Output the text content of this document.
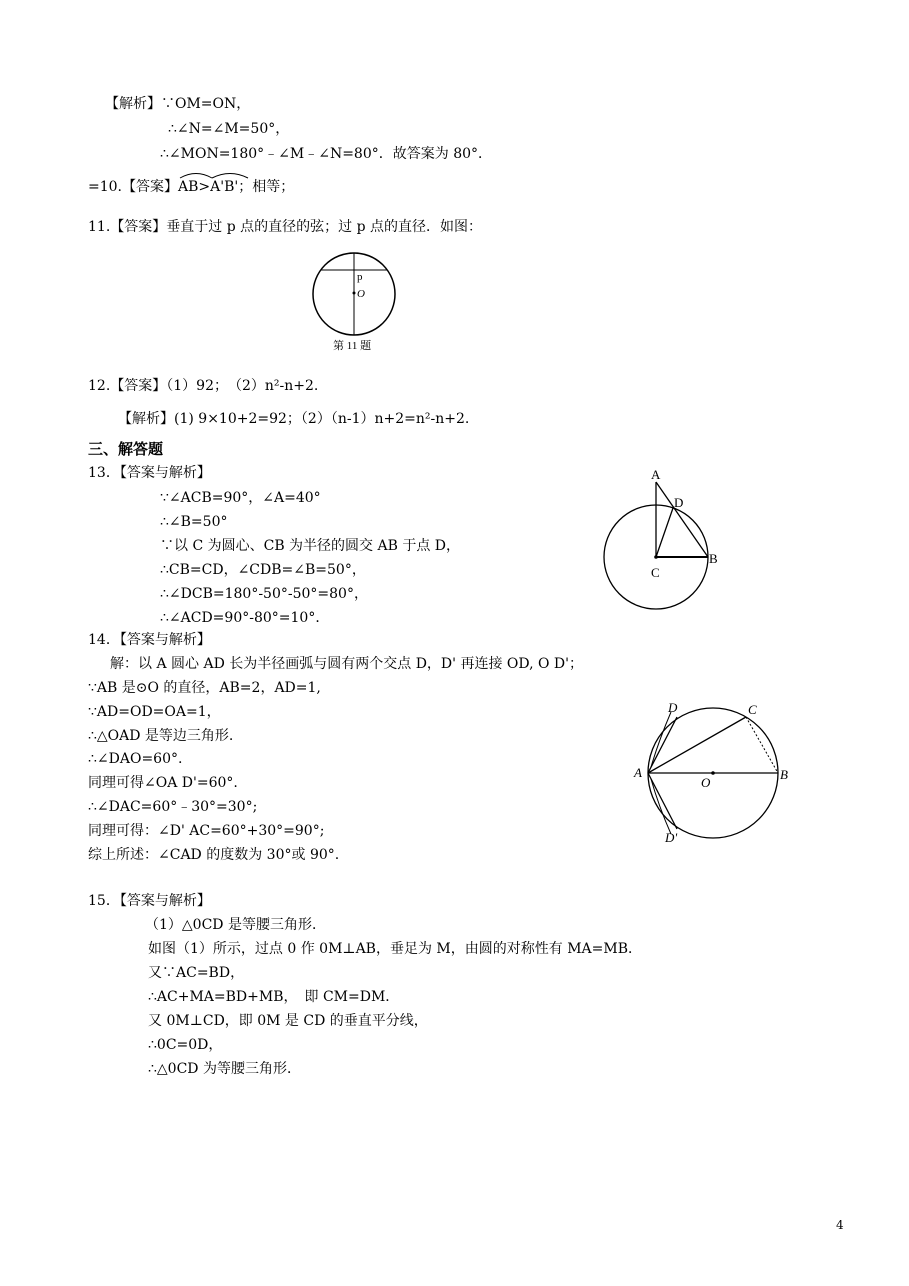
【解析】∵OM=ON，
∴∠N=∠M=50°，
∴∠MON=180°﹣∠M﹣∠N=80°．故答案为 80°．
=10.【答案】
AB>
A'B'；相等；
11.【答案】垂直于过 p 点的直径的弦；过 p 点的直径．如图：
p
O
第 11 题
12.【答案】（1）92；　（2）n²-n+2.
【解析】(1) 9×10+2=92；（2）（n-1）n+2=n²-n+2.
三、解答题
13．【答案与解析】
∵∠ACB=90°，∠A=40°
∴∠B=50°
∵以 C 为圆心、CB 为半径的圆交 AB 于点 D，
∴CB=CD，∠CDB=∠B=50°，
∴∠DCB=180°-50°-50°=80°，
∴∠ACD=90°-80°=10°．
A
D
B
C
14．【答案与解析】
解：以 A 圆心 AD 长为半径画弧与圆有两个交点 D，D' 再连接 OD, O D'；
∵AB 是⊙O 的直径，AB=2，AD=1,
∵AD=OD=OA=1，
∴△OAD 是等边三角形.
∴∠DAO=60°.
同理可得∠OA D'=60°.
∴∠DAC=60°﹣30°=30°;
同理可得：∠D' AC=60°+30°=90°;
综上所述：∠CAD 的度数为 30°或 90°.
A	B
C
D
D'
O
15．【答案与解析】
（1）△0CD 是等腰三角形．
如图（1）所示，过点 0 作 0M⊥AB，垂足为 M，由圆的对称性有 MA=MB．
又∵AC=BD，
∴AC+MA=BD+MB，　即 CM=DM．
又 0M⊥CD，即 0M 是 CD 的垂直平分线，
∴0C=0D，
∴△0CD 为等腰三角形．
4
